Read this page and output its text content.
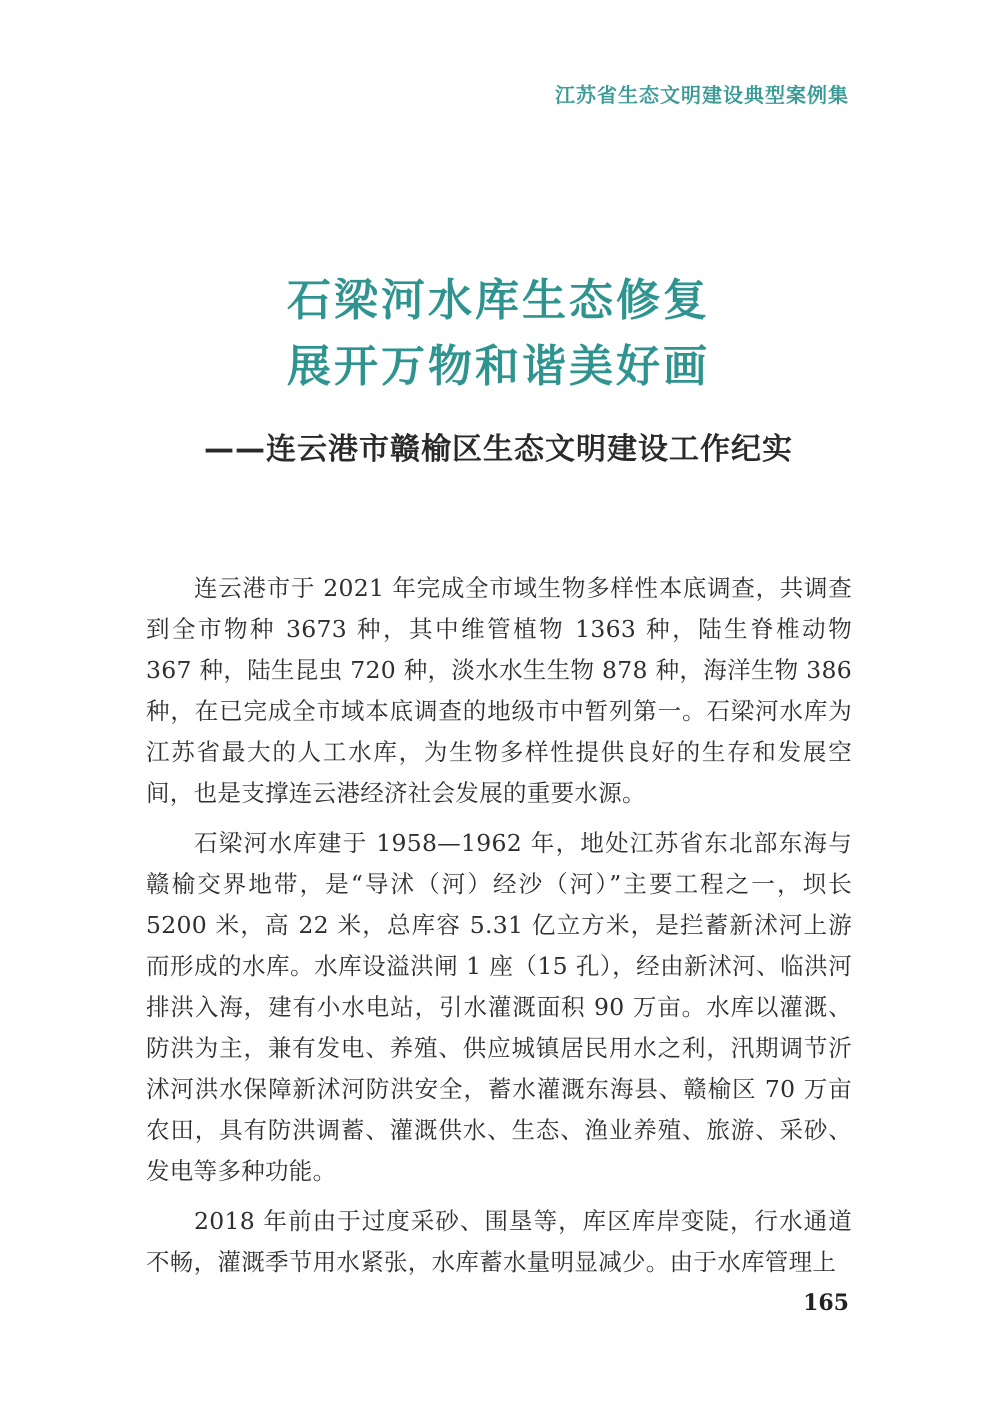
江苏省生态文明建设典型案例集
石梁河水库生态修复
展开万物和谐美好画
——连云港市赣榆区生态文明建设工作纪实

连云港市于 2021 年完成全市域生物多样性本底调查，共调查到全市物种 3673 种，其中维管植物 1363 种，陆生脊椎动物 367 种，陆生昆虫 720 种，淡水水生生物 878 种，海洋生物 386 种，在已完成全市域本底调查的地级市中暂列第一。石梁河水库为江苏省最大的人工水库，为生物多样性提供良好的生存和发展空间，也是支撑连云港经济社会发展的重要水源。

石梁河水库建于 1958—1962 年，地处江苏省东北部东海与赣榆交界地带，是“导沭（河）经沙（河）”主要工程之一，坝长 5200 米，高 22 米，总库容 5.31 亿立方米，是拦蓄新沭河上游而形成的水库。水库设溢洪闸 1 座（15 孔），经由新沭河、临洪河排洪入海，建有小水电站，引水灌溉面积 90 万亩。水库以灌溉、防洪为主，兼有发电、养殖、供应城镇居民用水之利，汛期调节沂沭河洪水保障新沭河防洪安全，蓄水灌溉东海县、赣榆区 70 万亩农田，具有防洪调蓄、灌溉供水、生态、渔业养殖、旅游、采砂、发电等多种功能。

2018 年前由于过度采砂、围垦等，库区库岸变陡，行水通道不畅，灌溉季节用水紧张，水库蓄水量明显减少。由于水库管理上

165
